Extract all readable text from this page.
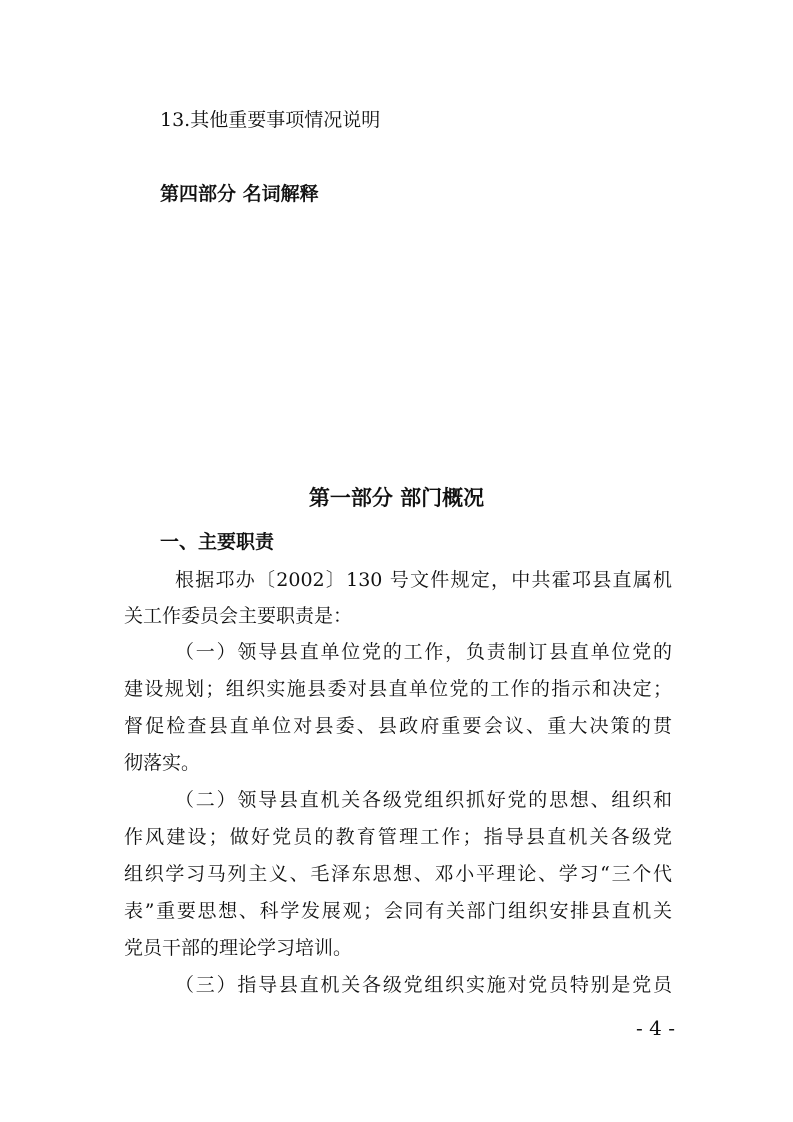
13.其他重要事项情况说明
第四部分 名词解释
第一部分 部门概况
一、主要职责
根据邛办〔2002〕130 号文件规定，中共霍邛县直属机
关工作委员会主要职责是：
（一）领导县直单位党的工作，负责制订县直单位党的
建设规划；组织实施县委对县直单位党的工作的指示和决定；
督促检查县直单位对县委、县政府重要会议、重大决策的贯
彻落实。
（二）领导县直机关各级党组织抓好党的思想、组织和
作风建设；做好党员的教育管理工作；指导县直机关各级党
组织学习马列主义、毛泽东思想、邓小平理论、学习“三个代
表”重要思想、科学发展观；会同有关部门组织安排县直机关
党员干部的理论学习培训。
（三）指导县直机关各级党组织实施对党员特别是党员
- 4 -
